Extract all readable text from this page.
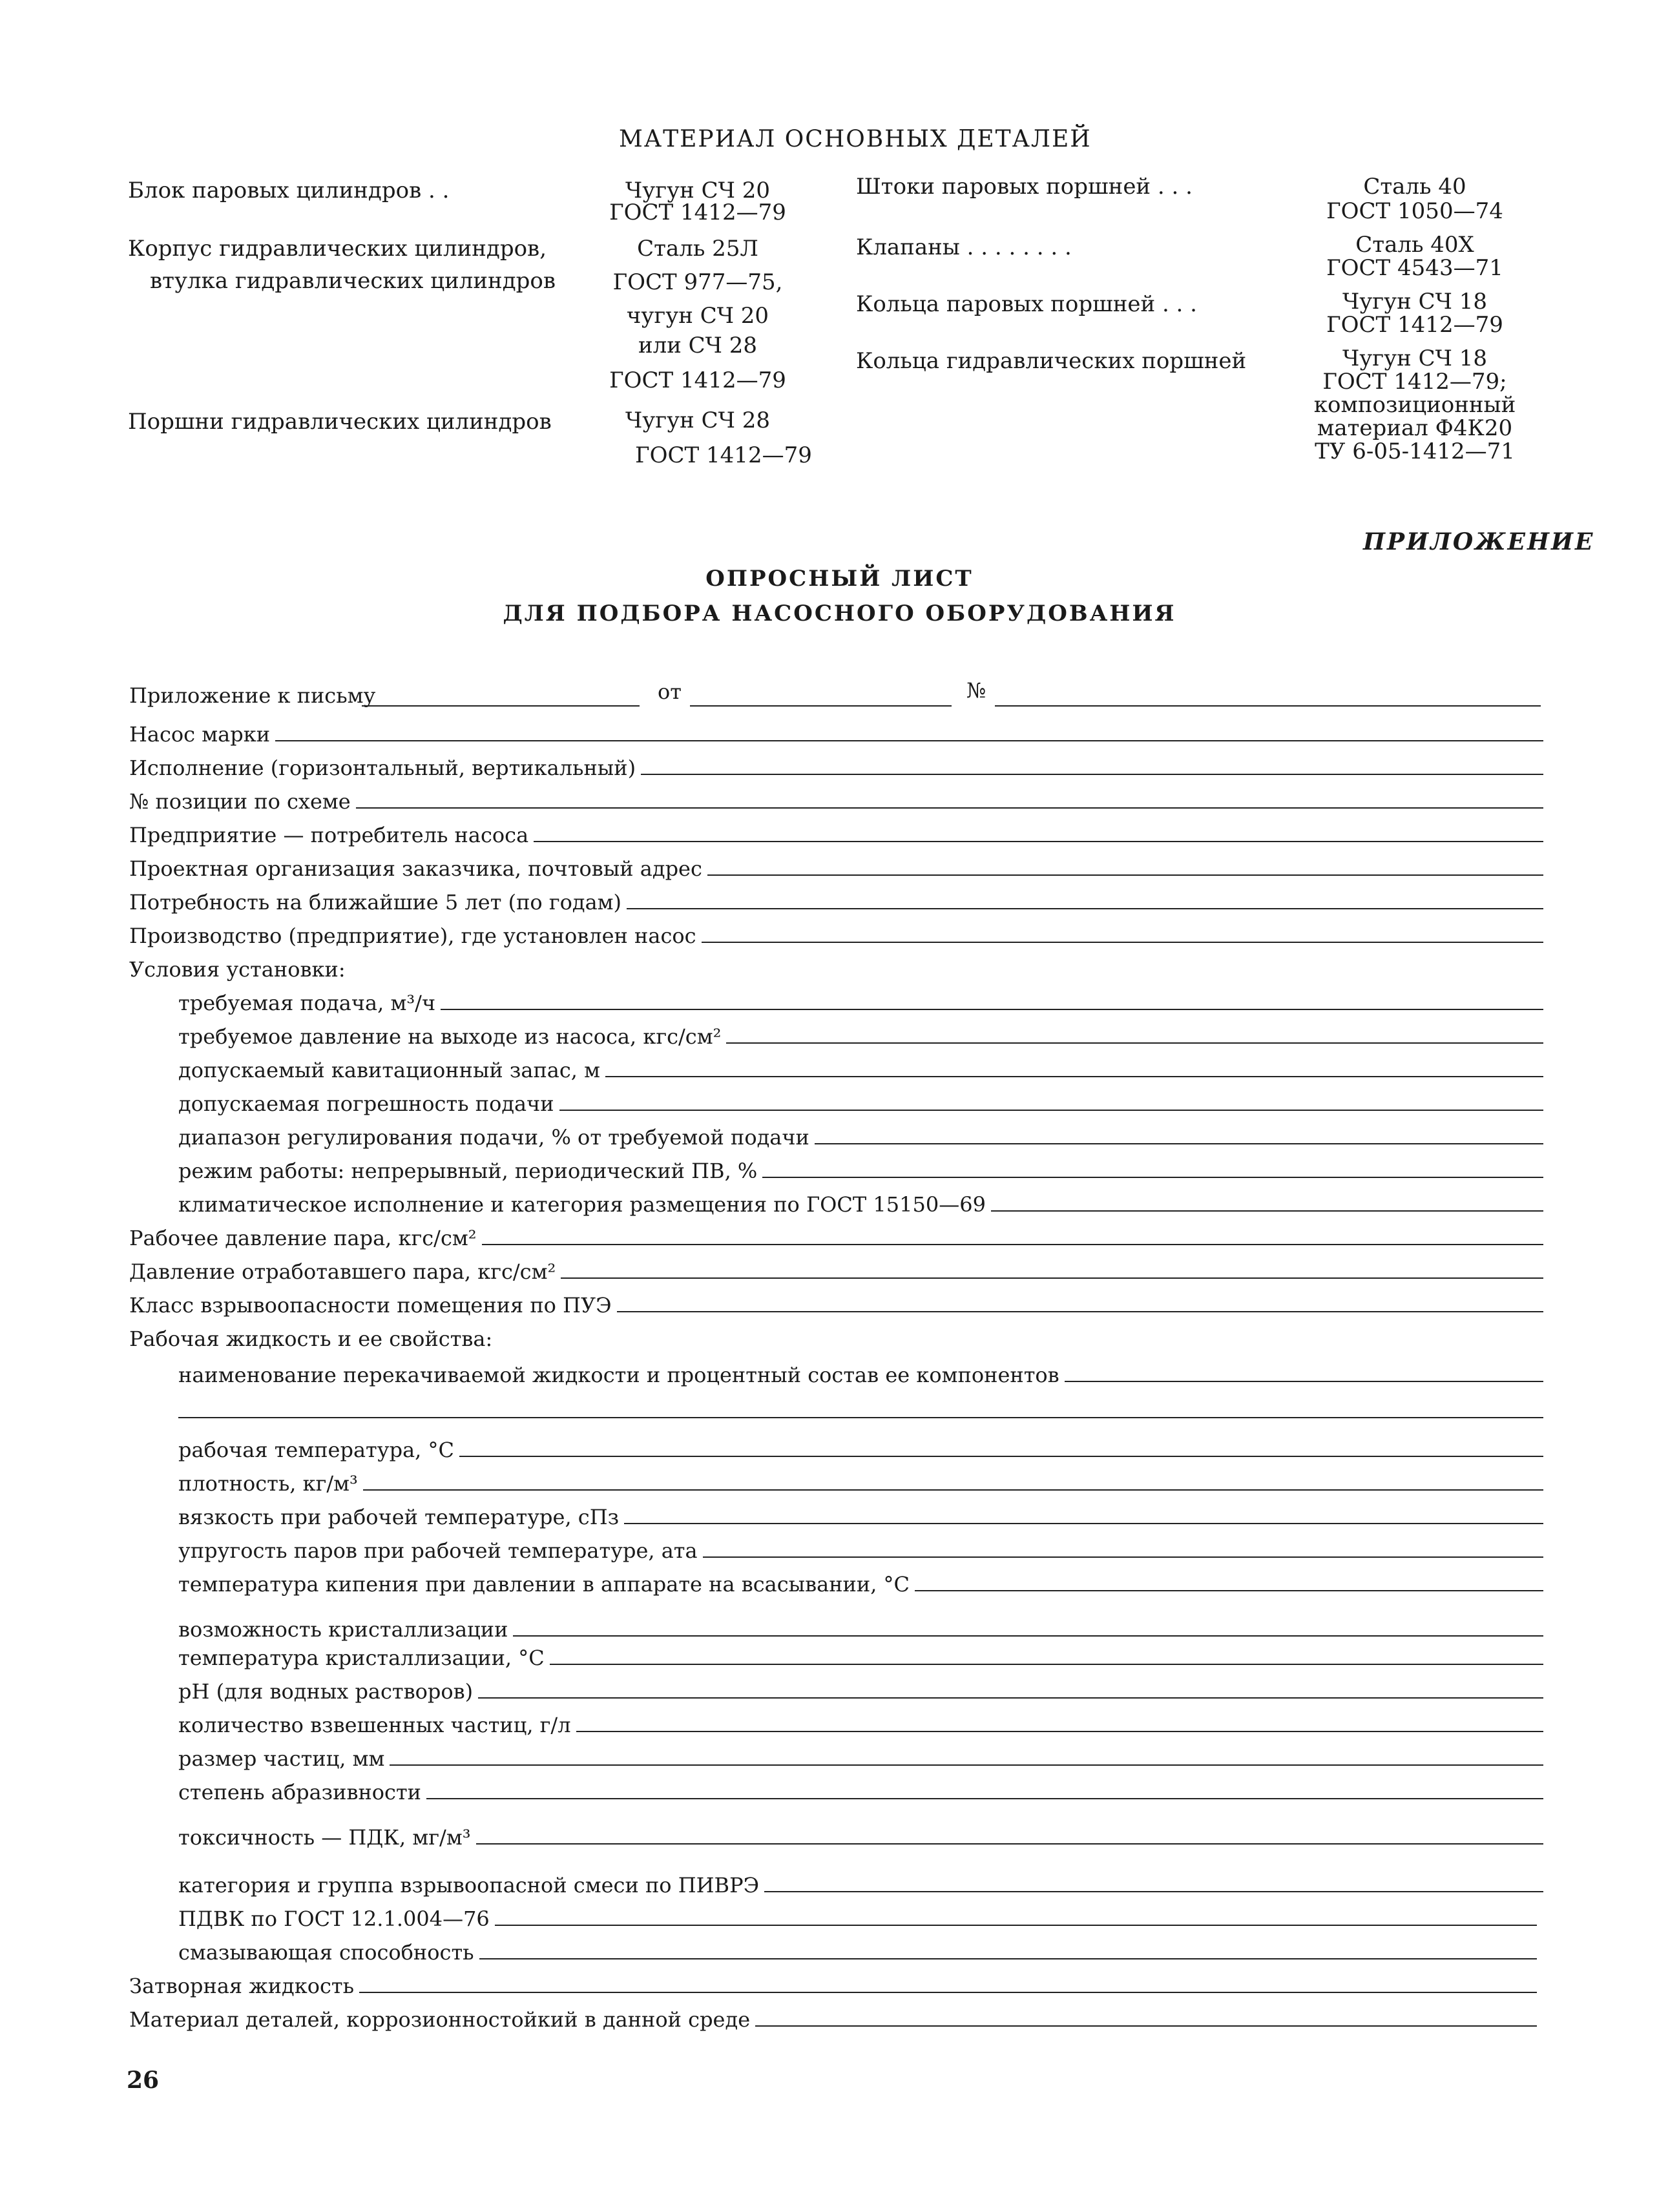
МАТЕРИАЛ ОСНОВНЫХ ДЕТАЛЕЙ
Блок паровых цилиндров . .
Корпус гидравлических цилиндров,
втулка гидравлических цилиндров
Поршни гидравлических цилиндров
Чугун СЧ 20
ГОСТ 1412—79
Сталь 25Л
ГОСТ 977—75,
чугун СЧ 20
или СЧ 28
ГОСТ 1412—79
Чугун СЧ 28
ГОСТ 1412—79
Штоки паровых поршней . . .
Клапаны . . . . . . . .
Кольца паровых поршней . . .
Кольца гидравлических поршней
Сталь 40
ГОСТ 1050—74
Сталь 40Х
ГОСТ 4543—71
Чугун СЧ 18
ГОСТ 1412—79
Чугун СЧ 18
ГОСТ 1412—79;
композиционный
материал Ф4К20
ТУ 6-05-1412—71
ПРИЛОЖЕНИЕ
ОПРОСНЫЙ ЛИСТ
ДЛЯ ПОДБОРА НАСОСНОГО ОБОРУДОВАНИЯ
Приложение к письму	от	№
Насос марки
Исполнение (горизонтальный, вертикальный)
№ позиции по схеме
Предприятие — потребитель насоса
Проектная организация заказчика, почтовый адрес
Потребность на ближайшие 5 лет (по годам)
Производство (предприятие), где установлен насос
Условия установки:
требуемая подача, м³/ч
требуемое давление на выходе из насоса, кгс/см²
допускаемый кавитационный запас, м
допускаемая погрешность подачи
диапазон регулирования подачи, % от требуемой подачи
режим работы: непрерывный, периодический ПВ, %
климатическое исполнение и категория размещения по ГОСТ 15150—69
Рабочее давление пара, кгс/см²
Давление отработавшего пара, кгс/см²
Класс взрывоопасности помещения по ПУЭ
Рабочая жидкость и ее свойства:
наименование перекачиваемой жидкости и процентный состав ее компонентов
рабочая температура, °С
плотность, кг/м³
вязкость при рабочей температуре, сПз
упругость паров при рабочей температуре, ата
температура кипения при давлении в аппарате на всасывании, °С
возможность кристаллизации
температура кристаллизации, °С
pH (для водных растворов)
количество взвешенных частиц, г/л
размер частиц, мм
степень абразивности
токсичность — ПДК, мг/м³
категория и группа взрывоопасной смеси по ПИВРЭ
ПДВК по ГОСТ 12.1.004—76
смазывающая способность
Затворная жидкость
Материал деталей, коррозионностойкий в данной среде
26
